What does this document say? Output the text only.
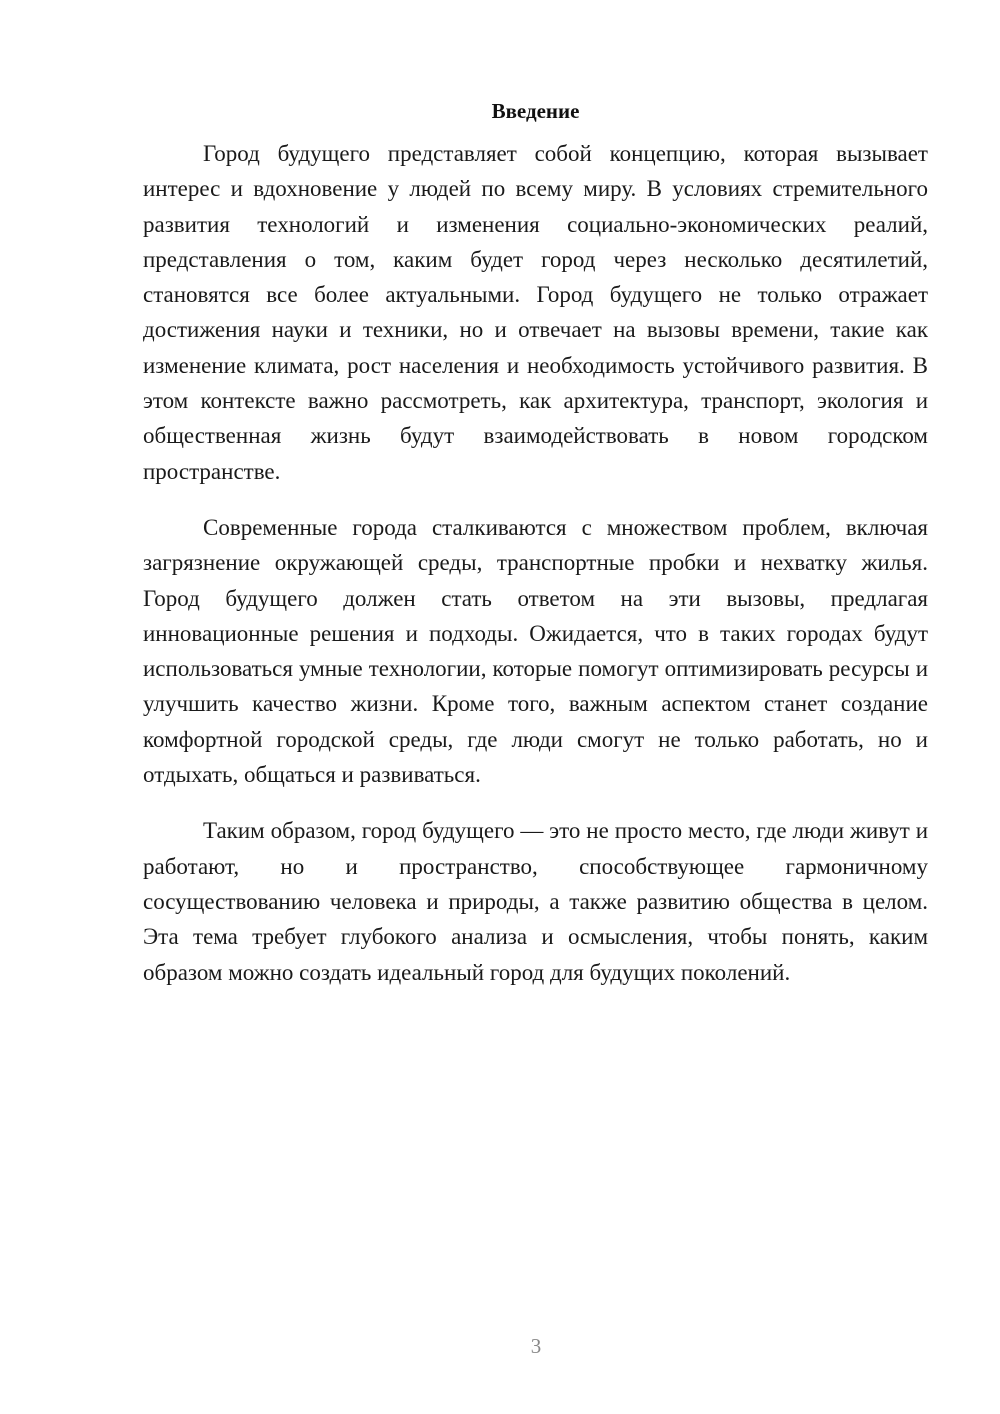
Введение

Город будущего представляет собой концепцию, которая вызывает интерес и вдохновение у людей по всему миру. В условиях стремительного развития технологий и изменения социально-экономических реалий, представления о том, каким будет город через несколько десятилетий, становятся все более актуальными. Город будущего не только отражает достижения науки и техники, но и отвечает на вызовы времени, такие как изменение климата, рост населения и необходимость устойчивого развития. В этом контексте важно рассмотреть, как архитектура, транспорт, экология и общественная жизнь будут взаимодействовать в новом городском пространстве.

Современные города сталкиваются с множеством проблем, включая загрязнение окружающей среды, транспортные пробки и нехватку жилья. Город будущего должен стать ответом на эти вызовы, предлагая инновационные решения и подходы. Ожидается, что в таких городах будут использоваться умные технологии, которые помогут оптимизировать ресурсы и улучшить качество жизни. Кроме того, важным аспектом станет создание комфортной городской среды, где люди смогут не только работать, но и отдыхать, общаться и развиваться.

Таким образом, город будущего — это не просто место, где люди живут и работают, но и пространство, способствующее гармоничному сосуществованию человека и природы, а также развитию общества в целом. Эта тема требует глубокого анализа и осмысления, чтобы понять, каким образом можно создать идеальный город для будущих поколений.

3
